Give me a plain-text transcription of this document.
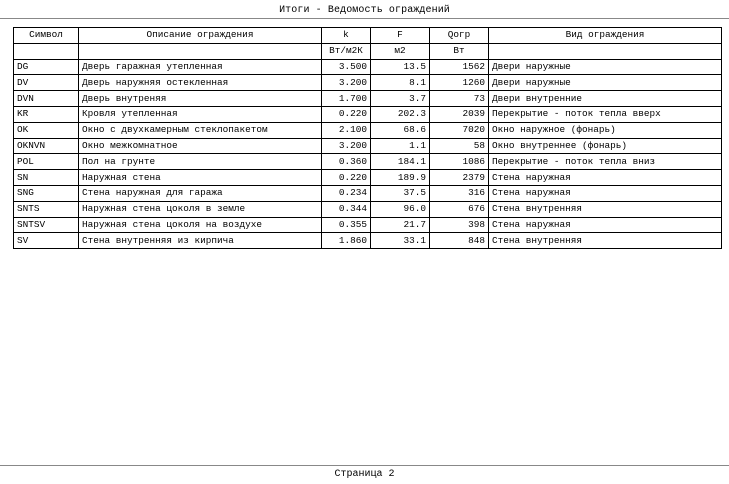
Итоги - Ведомость ограждений
Символ	Описание ограждения	k	F	Qогр	Вид ограждения
		Вт/м2К	м2	Вт	
DG	Дверь гаражная утепленная	3.500	13.5	1562	Двери наружные
DV	Дверь наружняя остекленная	3.200	8.1	1260	Двери наружные
DVN	Дверь внутреняя	1.700	3.7	73	Двери внутренние
KR	Кровля утепленная	0.220	202.3	2039	Перекрытие - поток тепла вверх
OK	Окно с двухкамерным стеклопакетом	2.100	68.6	7020	Окно наружное (фонарь)
OKNVN	Окно межкомнатное	3.200	1.1	58	Окно внутреннее (фонарь)
POL	Пол на грунте	0.360	184.1	1086	Перекрытие - поток тепла вниз
SN	Наружная стена	0.220	189.9	2379	Стена наружная
SNG	Стена наружная для гаража	0.234	37.5	316	Стена наружная
SNTS	Наружная стена цоколя в земле	0.344	96.0	676	Стена внутренняя
SNTSV	Наружная стена цоколя на воздухе	0.355	21.7	398	Стена наружная
SV	Стена внутренняя из кирпича	1.860	33.1	848	Стена внутренняя
Страница 2
